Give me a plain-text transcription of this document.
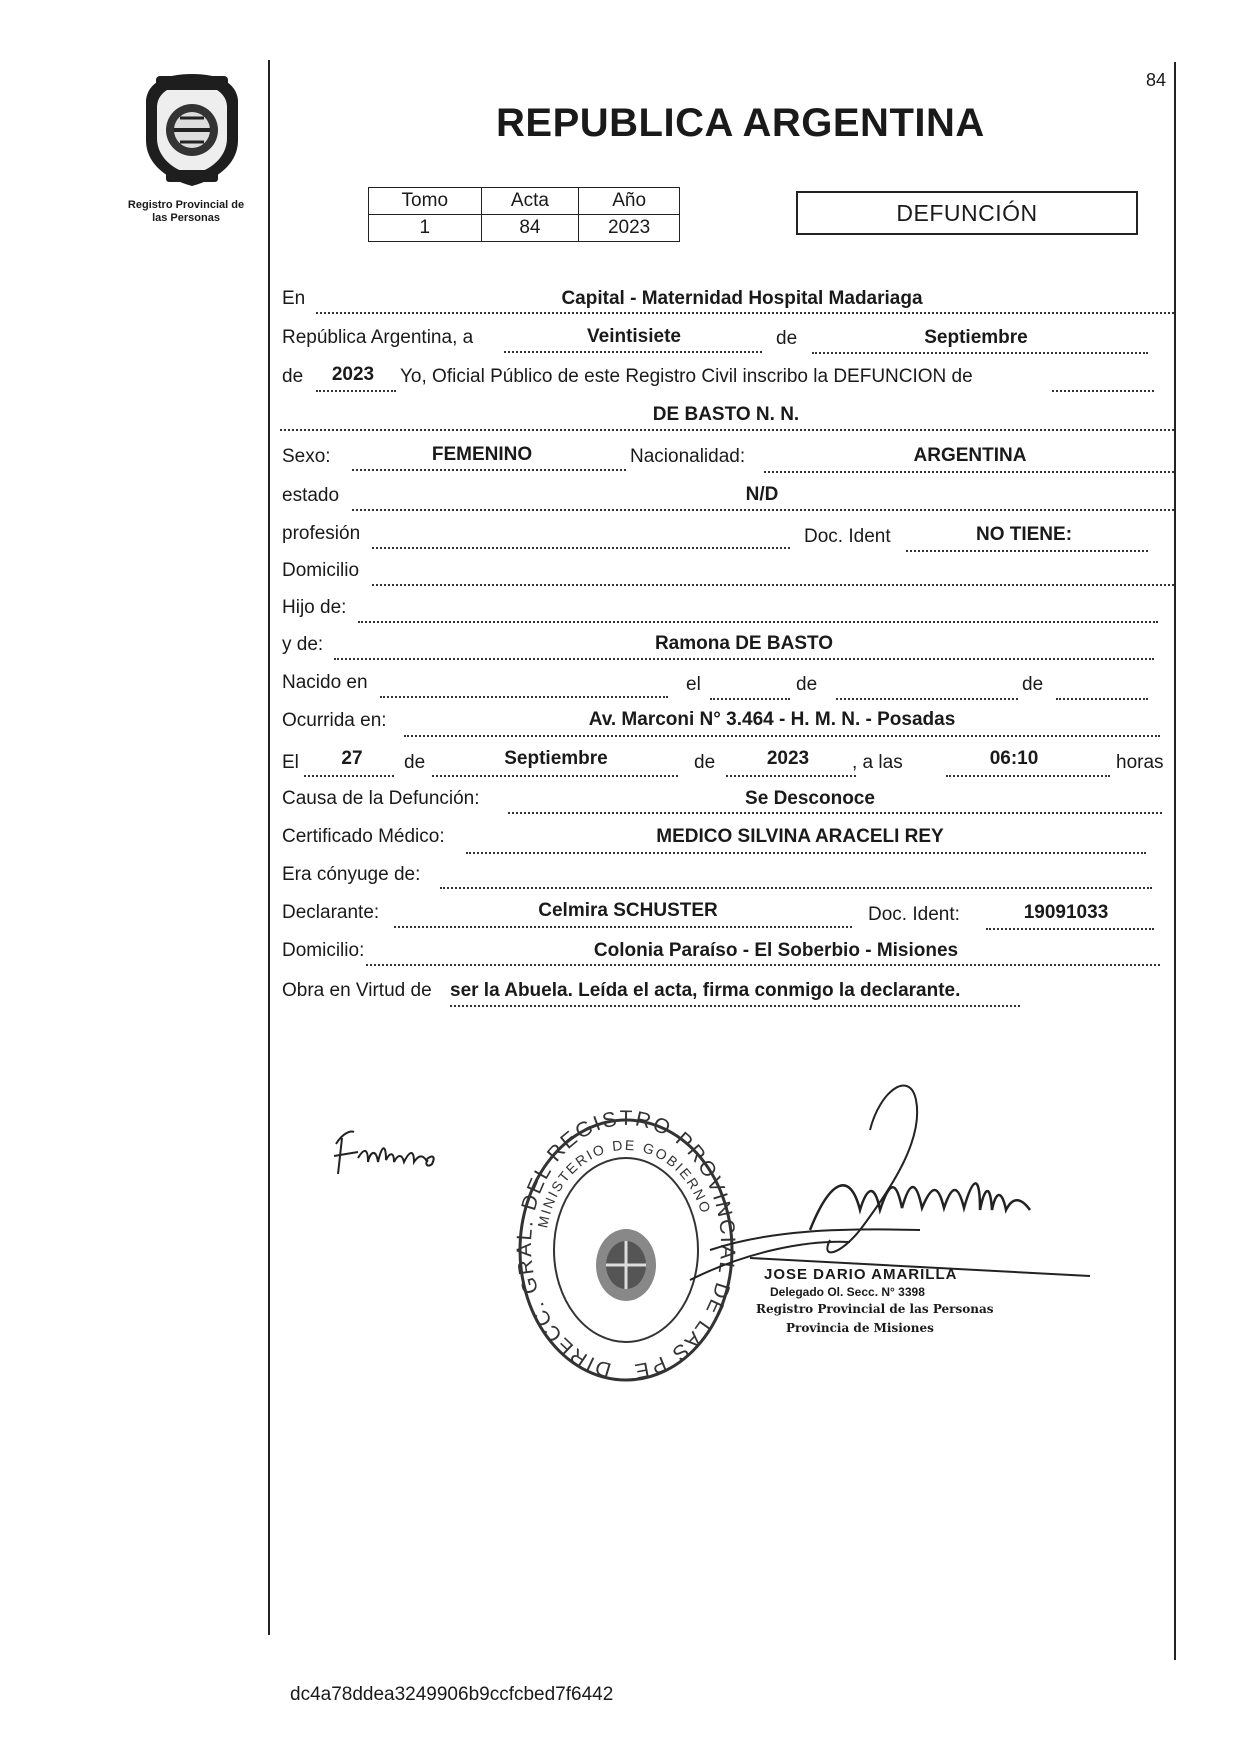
84
Registro Provincial de
las Personas
REPUBLICA ARGENTINA
Tomo	Acta	Año
1	84	2023
DEFUNCIÓN
En	Capital - Maternidad Hospital Madariaga
República Argentina, a	Veintisiete	de	Septiembre
de 2023 Yo, Oficial Público de este Registro Civil inscribo la DEFUNCION de
DE BASTO N. N.
Sexo:	FEMENINO	Nacionalidad:	ARGENTINA
estado	N/D
profesión	Doc. Ident	NO TIENE:
Domicilio
Hijo de:
y de:	Ramona DE BASTO
Nacido en	el	de	de
Ocurrida en:	Av. Marconi N° 3.464 - H. M. N. - Posadas
El 27 de	Septiembre	de	2023 , a las	06:10	horas
Causa de la Defunción:	Se Desconoce
Certificado Médico:	MEDICO SILVINA ARACELI REY
Era cónyuge de:
Declarante:	Celmira SCHUSTER	Doc. Ident:	19091033
Domicilio:	Colonia Paraíso - El Soberbio - Misiones
Obra en Virtud de ser la Abuela. Leída el acta, firma conmigo la declarante.
DIRECC. GRAL. DEL REGISTRO PROVINCIAL DE LAS PERSONAS
MINISTERIO DE GOBIERNO
JOSE DARIO AMARILLA
Delegado Ol. Secc. N° 3398
Registro Provincial de las Personas
Provincia de Misiones
dc4a78ddea3249906b9ccfcbed7f6442
